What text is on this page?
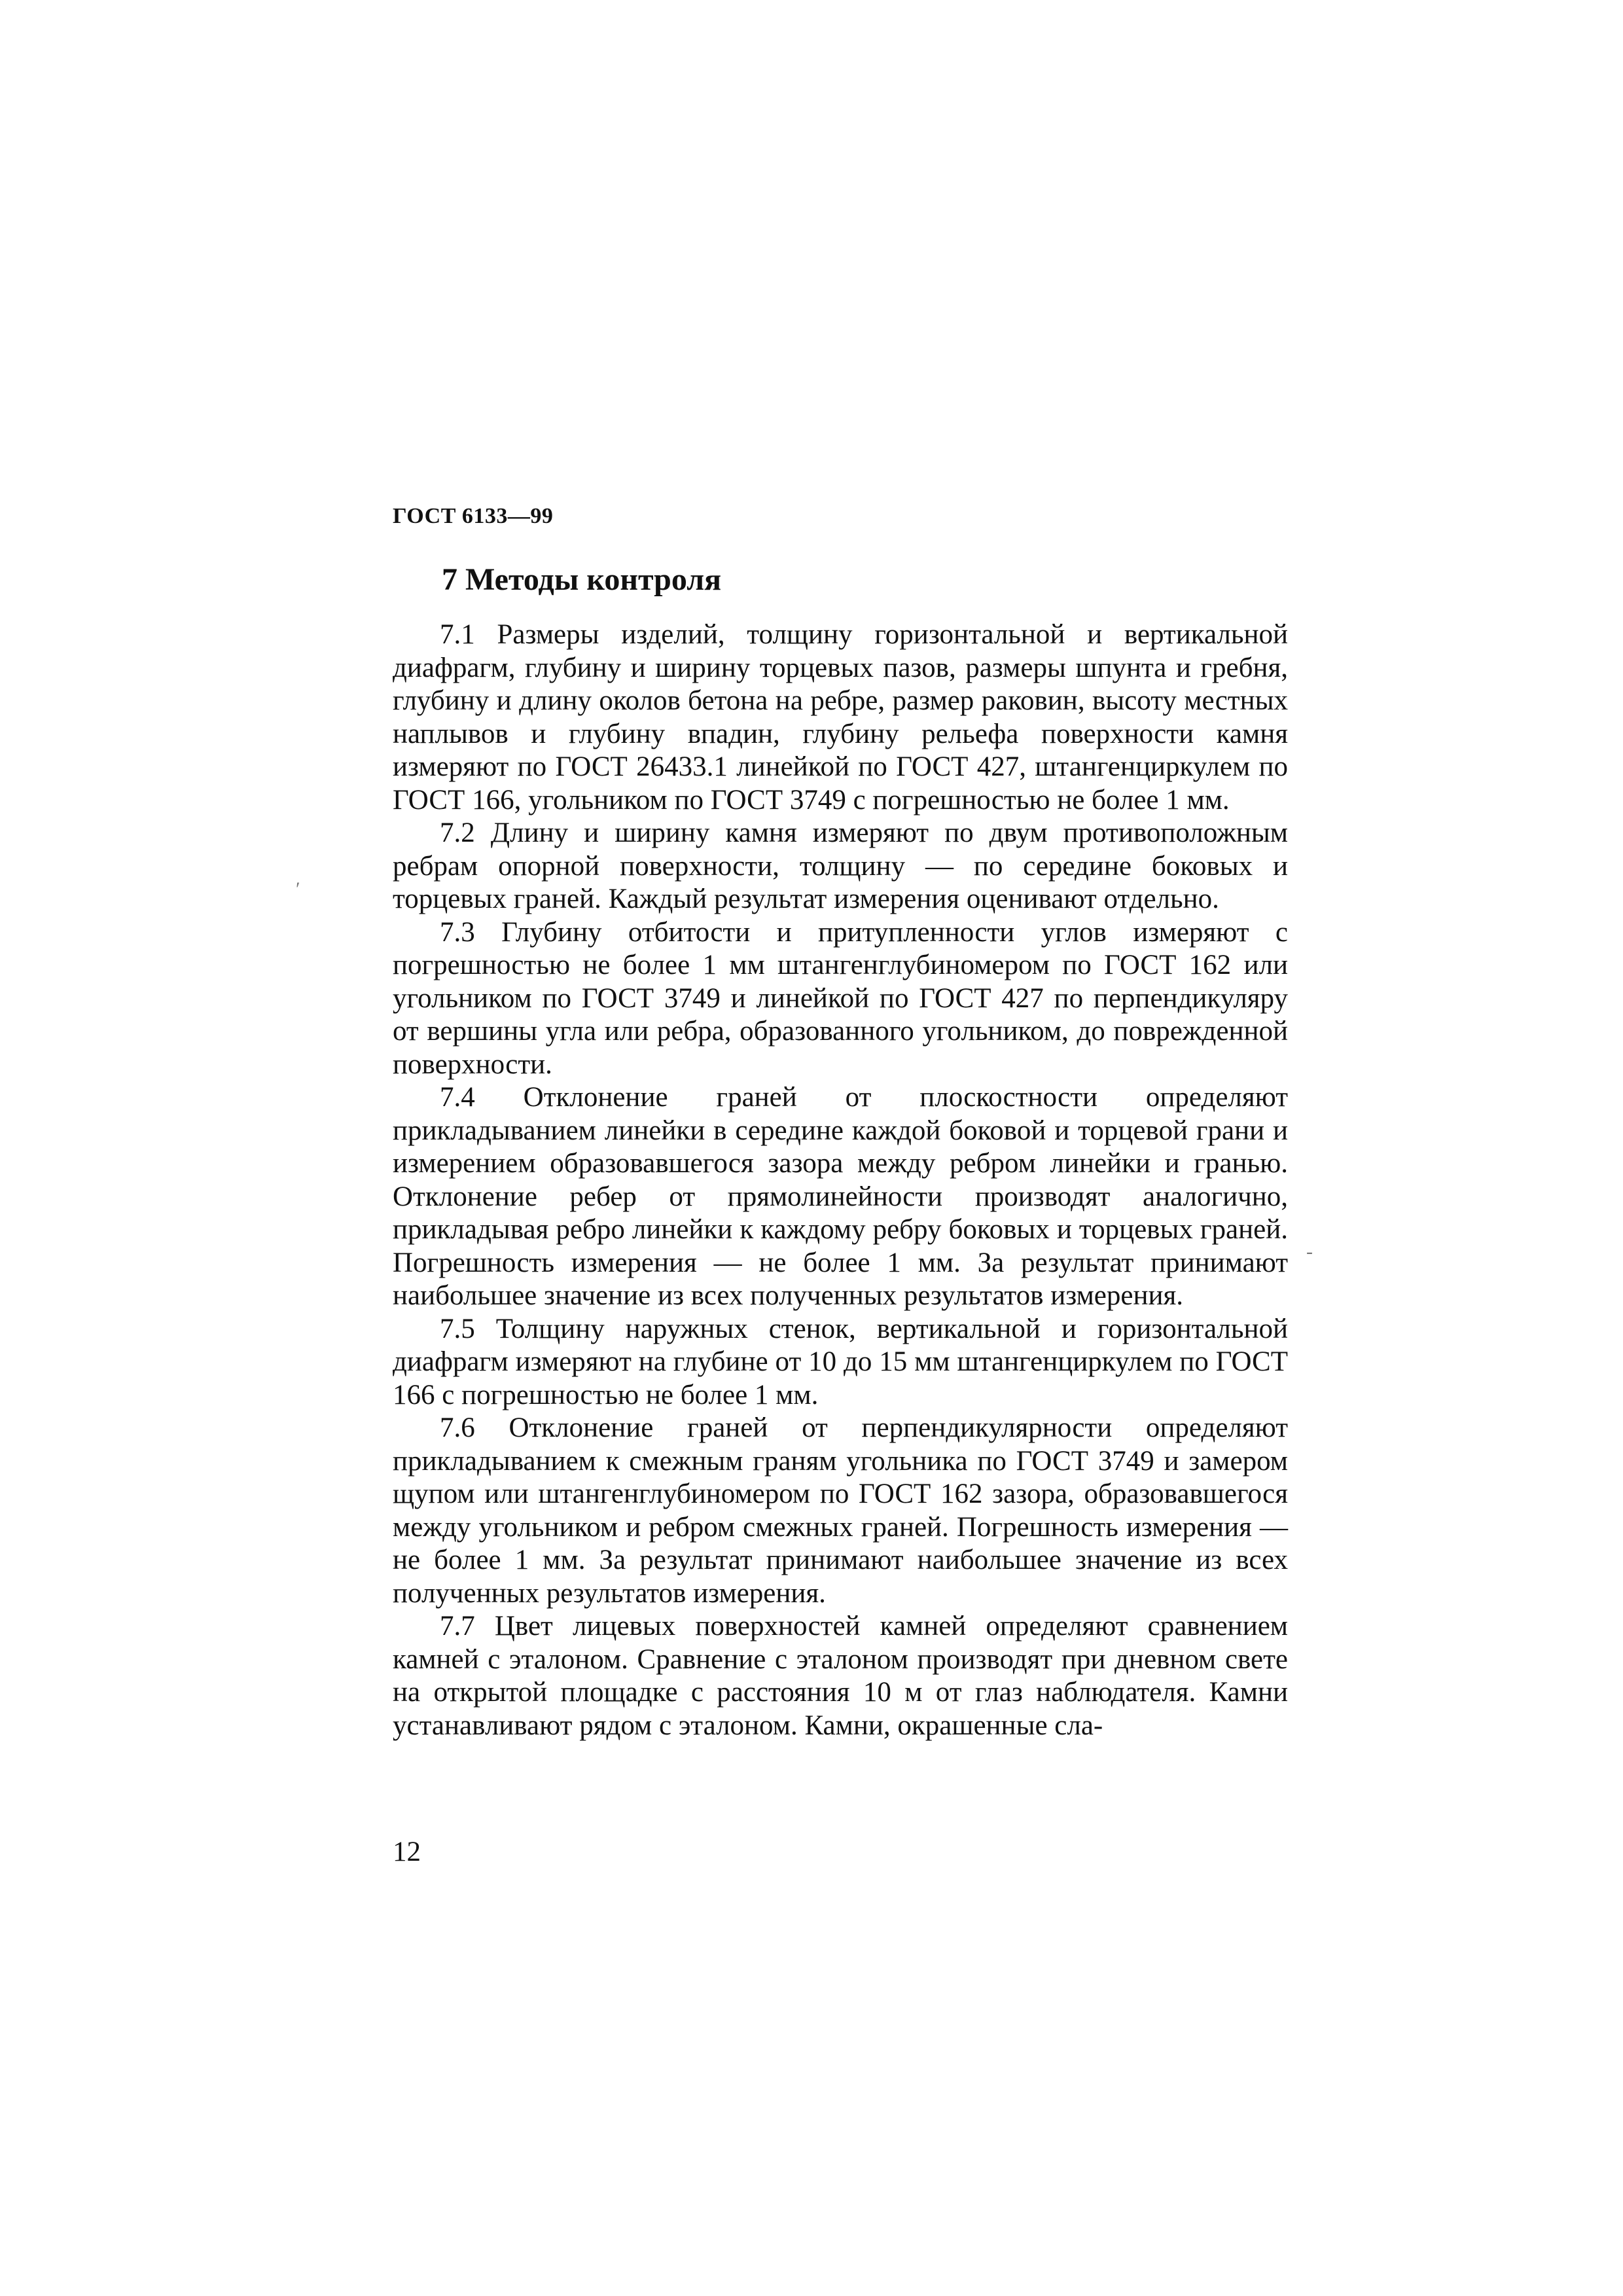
ГОСТ 6133—99
7 Методы контроля

7.1 Размеры изделий, толщину горизонтальной и вертикальной диафрагм, глубину и ширину торцевых пазов, размеры шпунта и гребня, глубину и длину околов бетона на ребре, размер раковин, высоту местных наплывов и глубину впадин, глубину рельефа поверхности камня измеряют по ГОСТ 26433.1 линейкой по ГОСТ 427, штангенциркулем по ГОСТ 166, угольником по ГОСТ 3749 с погрешностью не более 1 мм.

7.2 Длину и ширину камня измеряют по двум противоположным ребрам опорной поверхности, толщину — по середине боковых и торцевых граней. Каждый результат измерения оценивают отдельно.

7.3 Глубину отбитости и притупленности углов измеряют с погрешностью не более 1 мм штангенглубиномером по ГОСТ 162 или угольником по ГОСТ 3749 и линейкой по ГОСТ 427 по перпендикуляру от вершины угла или ребра, образованного угольником, до поврежденной поверхности.

7.4 Отклонение граней от плоскостности определяют прикладыванием линейки в середине каждой боковой и торцевой грани и измерением образовавшегося зазора между ребром линейки и гранью. Отклонение ребер от прямолинейности производят аналогично, прикладывая ребро линейки к каждому ребру боковых и торцевых граней. Погрешность измерения — не более 1 мм. За результат принимают наибольшее значение из всех полученных результатов измерения.

7.5 Толщину наружных стенок, вертикальной и горизонтальной диафрагм измеряют на глубине от 10 до 15 мм штангенциркулем по ГОСТ 166 с погрешностью не более 1 мм.

7.6 Отклонение граней от перпендикулярности определяют прикладыванием к смежным граням угольника по ГОСТ 3749 и замером щупом или штангенглубиномером по ГОСТ 162 зазора, образовавшегося между угольником и ребром смежных граней. Погрешность измерения — не более 1 мм. За результат принимают наибольшее значение из всех полученных результатов измерения.

7.7 Цвет лицевых поверхностей камней определяют сравнением камней с эталоном. Сравнение с эталоном производят при дневном свете на открытой площадке с расстояния 10 м от глаз наблюдателя. Камни устанавливают рядом с эталоном. Камни, окрашенные сла-

ʹ
-
12
